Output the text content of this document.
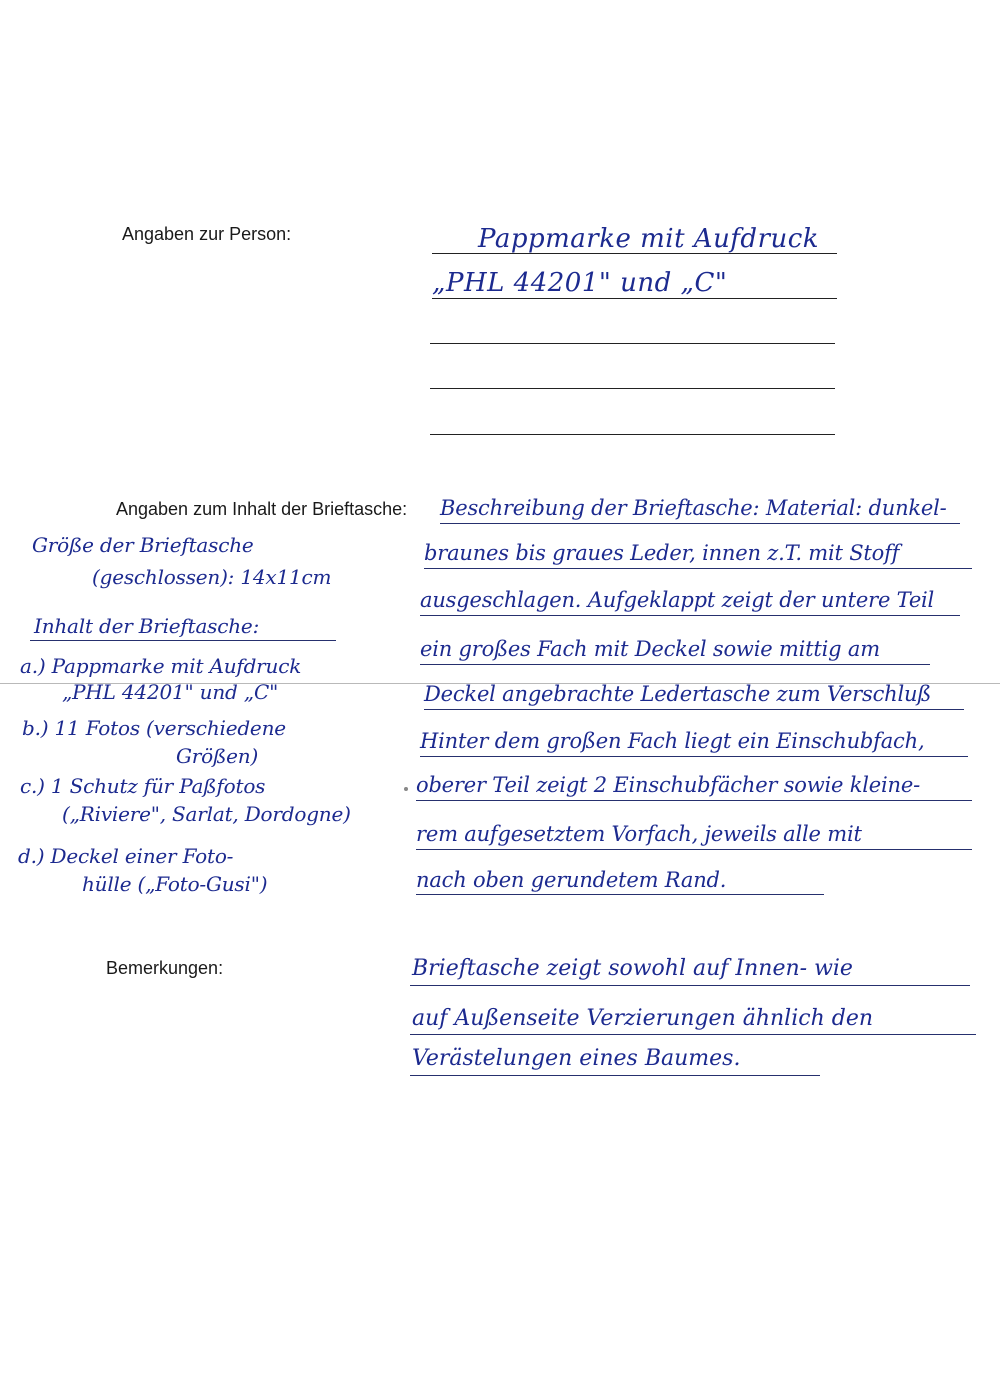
Angaben zur Person:	Pappmarke mit Aufdruck
„PHL 44201" und „C"
Angaben zum Inhalt der Brieftasche: Beschreibung der Brieftasche: Material: dunkel-
braunes bis graues Leder, innen z.T. mit Stoff
ausgeschlagen. Aufgeklappt zeigt der untere Teil
ein großes Fach mit Deckel sowie mittig am
Deckel angebrachte Ledertasche zum Verschluß
Hinter dem großen Fach liegt ein Einschubfach,
oberer Teil zeigt 2 Einschubfächer sowie kleine-
rem aufgesetztem Vorfach, jeweils alle mit
nach oben gerundetem Rand.
Größe der Brieftasche
(geschlossen): 14x11cm
Inhalt der Brieftasche:
a.) Pappmarke mit Aufdruck
„PHL 44201" und „C"
b.) 11 Fotos (verschiedene
Größen)
c.) 1 Schutz für Paßfotos
(„Riviere", Sarlat, Dordogne)
d.) Deckel einer Foto-
hülle („Foto-Gusi")
Bemerkungen:	Brieftasche zeigt sowohl auf Innen- wie
auf Außenseite Verzierungen ähnlich den
Verästelungen eines Baumes.
